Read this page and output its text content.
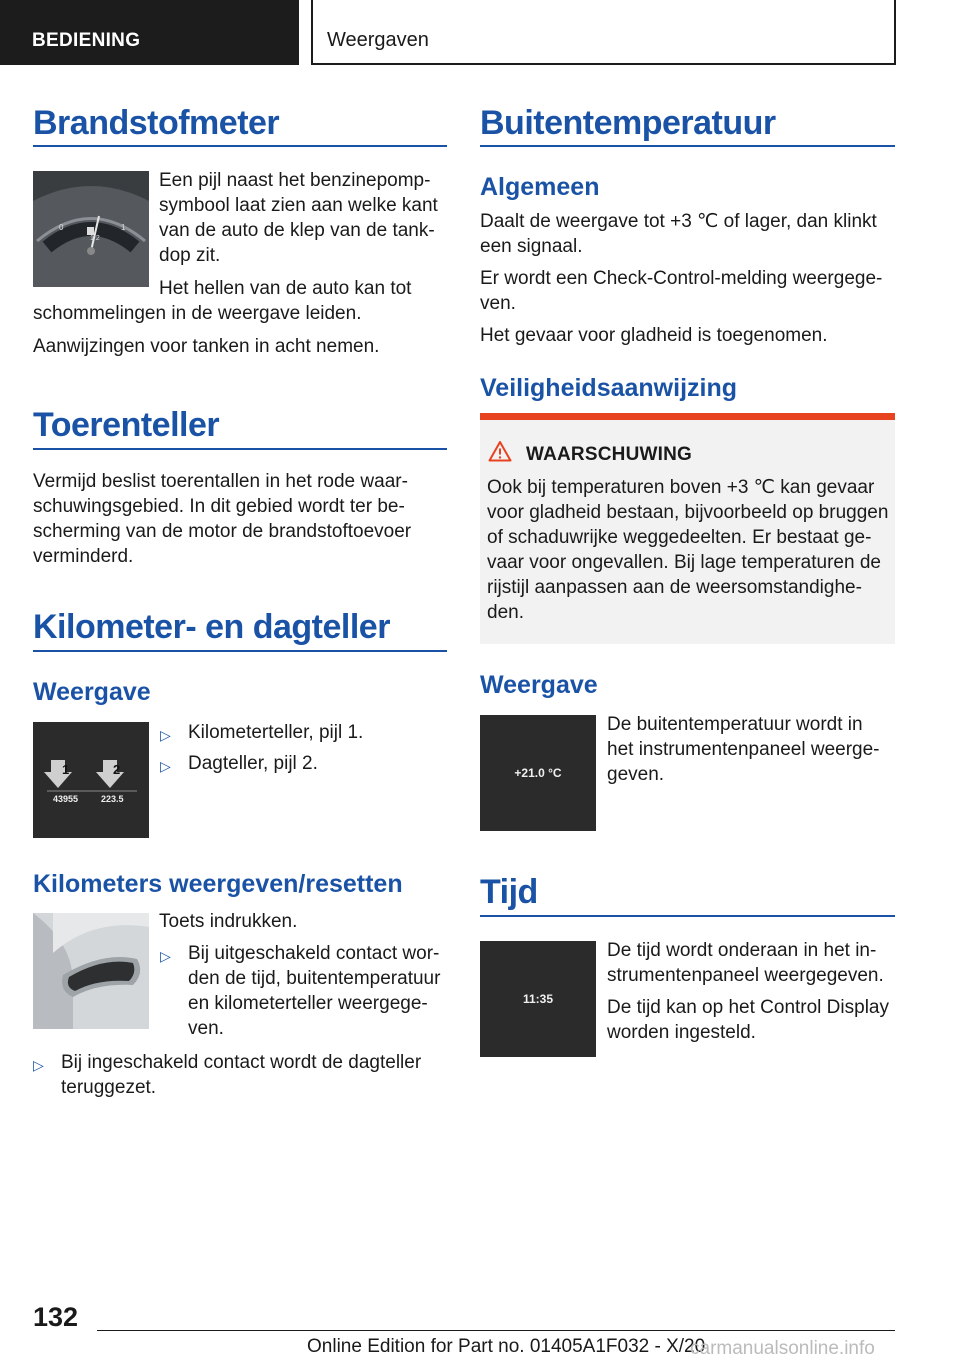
BEDIENING	Weergaven
Brandstofmeter
0
1/2
1
Een pijl naast het benzinepomp-
symbool laat zien aan welke kant
van de auto de klep van de tank-
dop zit.
Het hellen van de auto kan tot
schommelingen in de weergave leiden.
Aanwijzingen voor tanken in acht nemen.
Toerenteller
Vermijd beslist toerentallen in het rode waar-
schuwingsgebied. In dit gebied wordt ter be-
scherming van de motor de brandstoftoevoer
verminderd.
Kilometer- en dagteller
Weergave
1	2
43955	223.5
▷ Kilometerteller, pijl 1.
▷ Dagteller, pijl 2.
Kilometers weergeven/resetten
Toets indrukken.
▷ Bij uitgeschakeld contact wor-
den de tijd, buitentemperatuur
en kilometerteller weergege-
ven.
▷ Bij ingeschakeld contact wordt de dagteller
teruggezet.
Buitentemperatuur
Algemeen
Daalt de weergave tot +3 ℃ of lager, dan klinkt
een signaal.
Er wordt een Check-Control-melding weergege-
ven.
Het gevaar voor gladheid is toegenomen.
Veiligheidsaanwijzing
WAARSCHUWING
Ook bij temperaturen boven +3 ℃ kan gevaar
voor gladheid bestaan, bijvoorbeeld op bruggen
of schaduwrijke weggedeelten. Er bestaat ge-
vaar voor ongevallen. Bij lage temperaturen de
rijstijl aanpassen aan de weersomstandighe-
den.
Weergave
+21.0 °C
De buitentemperatuur wordt in
het instrumentenpaneel weerge-
geven.
Tijd
11:35
De tijd wordt onderaan in het in-
strumentenpaneel weergegeven.
De tijd kan op het Control Display
worden ingesteld.
132
Online Edition for Part no. 01405A1F032 - X/20
carmanualsonline.info
